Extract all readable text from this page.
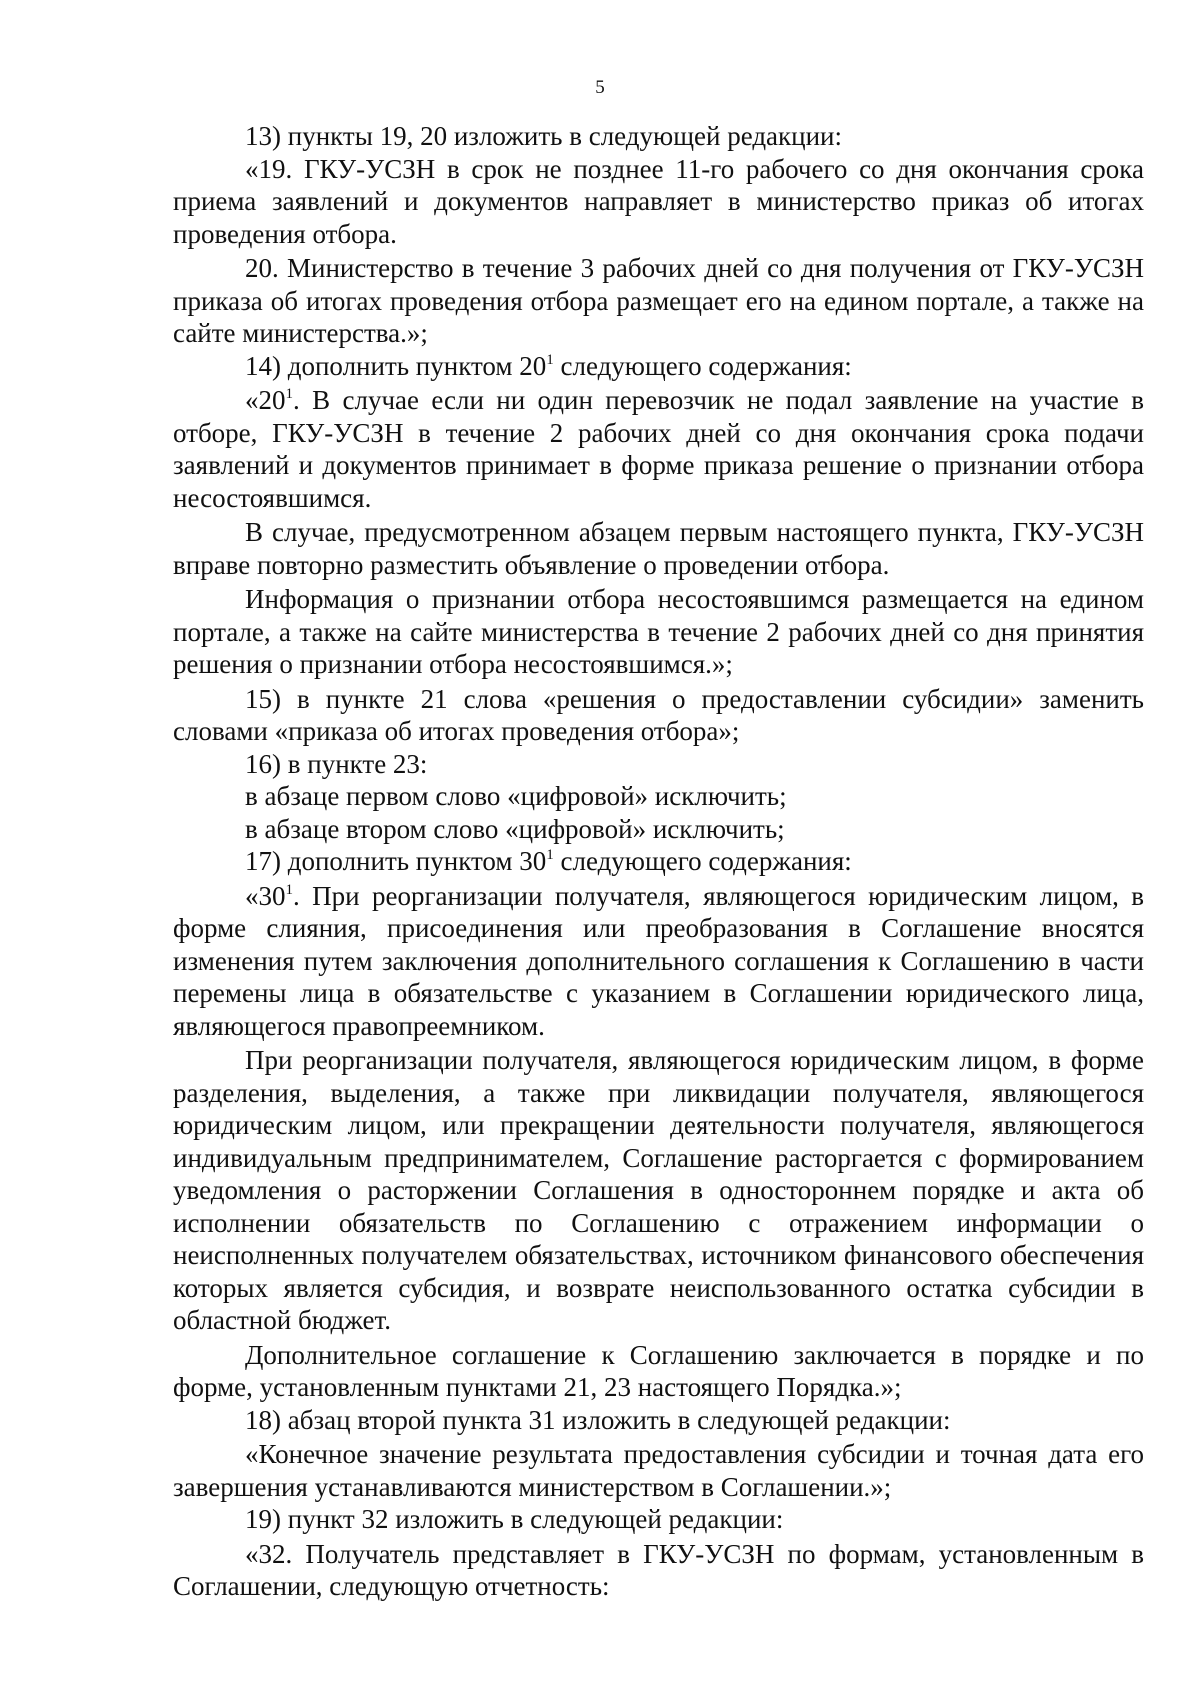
5

13) пункты 19, 20 изложить в следующей редакции:

«19. ГКУ-УСЗН в срок не позднее 11-го рабочего со дня окончания срока приема заявлений и документов направляет в министерство приказ об итогах проведения отбора.

20. Министерство в течение 3 рабочих дней со дня получения от ГКУ-УСЗН приказа об итогах проведения отбора размещает его на едином портале, а также на сайте министерства.»;

14) дополнить пунктом $20^1$ следующего содержания:

«$20^1$. В случае если ни один перевозчик не подал заявление на участие в отборе, ГКУ-УСЗН в течение 2 рабочих дней со дня окончания срока подачи заявлений и документов принимает в форме приказа решение о признании отбора несостоявшимся.

В случае, предусмотренном абзацем первым настоящего пункта, ГКУ-УСЗН вправе повторно разместить объявление о проведении отбора.

Информация о признании отбора несостоявшимся размещается на едином портале, а также на сайте министерства в течение 2 рабочих дней со дня принятия решения о признании отбора несостоявшимся.»;

15) в пункте 21 слова «решения о предоставлении субсидии» заменить словами «приказа об итогах проведения отбора»;

16) в пункте 23:

в абзаце первом слово «цифровой» исключить;

в абзаце втором слово «цифровой» исключить;

17) дополнить пунктом $30^1$ следующего содержания:

«$30^1$. При реорганизации получателя, являющегося юридическим лицом, в форме слияния, присоединения или преобразования в Соглашение вносятся изменения путем заключения дополнительного соглашения к Соглашению в части перемены лица в обязательстве с указанием в Соглашении юридического лица, являющегося правопреемником.

При реорганизации получателя, являющегося юридическим лицом, в форме разделения, выделения, а также при ликвидации получателя, являющегося юридическим лицом, или прекращении деятельности получателя, являющегося индивидуальным предпринимателем, Соглашение расторгается с формированием уведомления о расторжении Соглашения в одностороннем порядке и акта об исполнении обязательств по Соглашению с отражением информации о неисполненных получателем обязательствах, источником финансового обеспечения которых является субсидия, и возврате неиспользованного остатка субсидии в областной бюджет.

Дополнительное соглашение к Соглашению заключается в порядке и по форме, установленным пунктами 21, 23 настоящего Порядка.»;

18) абзац второй пункта 31 изложить в следующей редакции:

«Конечное значение результата предоставления субсидии и точная дата его завершения устанавливаются министерством в Соглашении.»;

19) пункт 32 изложить в следующей редакции:

«32. Получатель представляет в ГКУ-УСЗН по формам, установленным в Соглашении, следующую отчетность:
